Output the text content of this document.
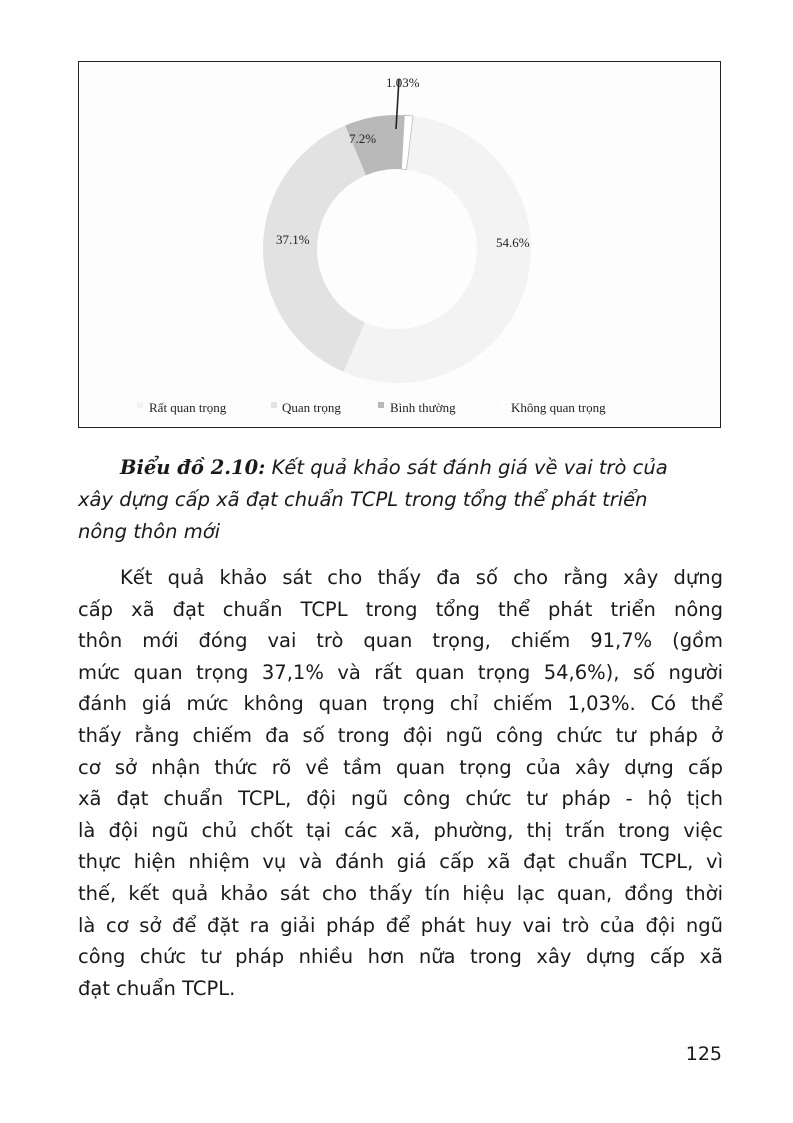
54.6%
37.1%
7.2%
1.03%
Rất quan trọng	Quan trọng	Bình thường	Không quan trọng
Biểu đồ 2.10: Kết quả khảo sát đánh giá về vai trò của
xây dựng cấp xã đạt chuẩn TCPL trong tổng thể phát triển
nông thôn mới
Kết quả khảo sát cho thấy đa số cho rằng xây dựng
cấp xã đạt chuẩn TCPL trong tổng thể phát triển nông
thôn mới đóng vai trò quan trọng, chiếm 91,7% (gồm
mức quan trọng 37,1% và rất quan trọng 54,6%), số người
đánh giá mức không quan trọng chỉ chiếm 1,03%. Có thể
thấy rằng chiếm đa số trong đội ngũ công chức tư pháp ở
cơ sở nhận thức rõ về tầm quan trọng của xây dựng cấp
xã đạt chuẩn TCPL, đội ngũ công chức tư pháp - hộ tịch
là đội ngũ chủ chốt tại các xã, phường, thị trấn trong việc
thực hiện nhiệm vụ và đánh giá cấp xã đạt chuẩn TCPL, vì
thế, kết quả khảo sát cho thấy tín hiệu lạc quan, đồng thời
là cơ sở để đặt ra giải pháp để phát huy vai trò của đội ngũ
công chức tư pháp nhiều hơn nữa trong xây dựng cấp xã
đạt chuẩn TCPL.
125
